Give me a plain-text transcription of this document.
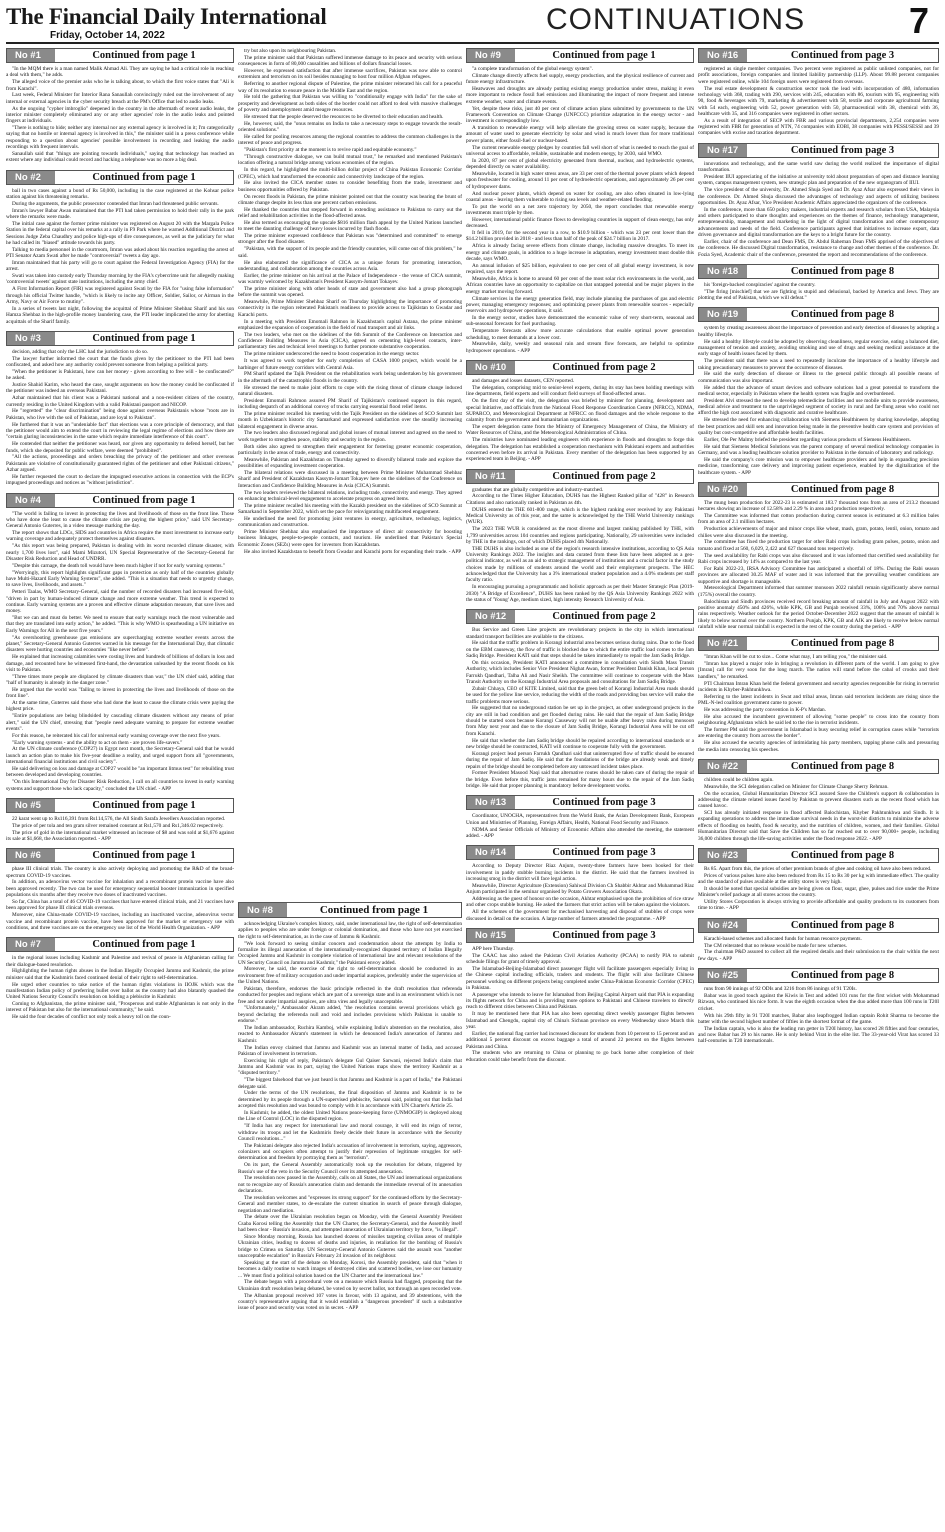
The Financial Daily International
Friday, October 14, 2022	CONTINUATIONS	7
No #1	Continued from page 1

"In the MQM there is a man named Malik Ahmad Ali. They are saying he had a critical role in reaching a deal with them," he adds.

The alleged voice of the premier asks who he is talking about, to which the first voice states that "Ali is from Karachi".

Last week, Federal Minister for Interior Rana Sanaullah convincingly ruled out the involvement of any internal or external agencies in the cyber security breach at the PM's Office that led to audio leaks.

As the ongoing "cypher imbroglio" deepened in the country in the aftermath of recent audio leaks, the interior minister completely eliminated any or any other agencies' role in the audio leaks and pointed fingers at individuals.

"There is nothing to hide; neither any internal nor any external agency is involved in it; I'm categorically saying that no hostile or internal agency is involved in this," the minister said in a press conference while responding to a question about agencies' possible involvement in recording and leaking the audio recordings with frequent intervals.

Sanaullah said that "things are pointing towards individuals," saying that technology has reached an extent where any individual could record and hacking a telephone was no more a big deal.

No #2	Continued from page 1

bail in two cases against a bond of Rs 50,000, including in the case registered at the Kohsar police station against his threatening remarks.

During the arguments, the public prosecutor contended that Imran had threatened public servants.

Imran's lawyer Babar Awan maintained that the PTI had taken permission to hold their rally in the park where the remarks were made.

The initial case against the former prime minister was registered on August 20 with the Margala Police Station in the federal capital over his remarks at a rally in F9 Park where he warned Additional District and Sessions Judge Zeba Chaudhry and police high-ups of dire consequences, as well as the judiciary for what he had called its "biased" attitude towards his party.

Talking to media personnel in the courtroom, Imran was asked about his reaction regarding the arrest of PTI Senator Azam Swati after he made "controversial" tweets a day ago.

Imran maintained that his party will go to court against the Federal Investigation Agency (FIA) for the arrest.

Swati was taken into custody early Thursday morning by the FIA's cybercrime unit for allegedly making 'controversial tweets' against state institutions, including the army chief.

A First Information Report (FIR) was registered against Swati by the FIA for "using false information" through his official Twitter handle, "which is likely to incite any Officer, Soldier, Sailor, or Airman in the Army, Navy or Air Force to mutiny".

In a series of tweets last night, following the acquittal of Prime Minister Shehbaz Sharif and his son Hamza Shehbaz in the high-profile money laundering case, the PTI leader implicated the army for abetting acquittals of the Sharif family.

No #3	Continued from page 1

decision, adding that only the LHC had the jurisdiction to do so.

The lawyer further informed the court that the funds given by the petitioner to the PTI had been confiscated, and asked how any authority could prevent someone from helping a political party.

"When the petitioner is Pakistani, how can her money - given according to free will - be confiscated?" he asked.

Justice Shahid Karim, who heard the case, sought arguments on how the money could be confiscated if the petitioner was indeed an overseas Pakistani.

Azhar maintained that his client was a Pakistani national and a non-resident citizen of the country, currently residing in the United Kingdom with a valid Pakistani passport and NICOP.

He "regretted" the "clear discrimination" being done against overseas Pakistanis whose "roots are in Pakistan, who live with the soil of Pakistan, and are loyal to Pakistan".

He furthered that it was an "undeniable fact" that elections was a core principle of democracy, and that the petitioner would aim to extend the court in reviewing the legal regime of elections and how there are "certain glaring inconsistencies in the same which require immediate interference of this court".

He contended that neither the petitioner was heard, nor given any opportunity to defend herself, but her funds, which she deposited for public welfare, were deemed "prohibited".

"All the actions, proceedings and orders breaching the privacy of the petitioner and other overseas Pakistanis are violative of constitutionally guaranteed rights of the petitioner and other Pakistani citizens," Azhar argued.

He further requested the court to declare the impugned executive actions in connection with the ECP's impugned proceedings and notices as "without jurisdiction".

No #4	Continued from page 1

"The world is failing to invest in protecting the lives and livelihoods of those on the front line. Those who have done the least to cause the climate crisis are paying the highest price," said UN Secretary-General Antonio Guterres, in a video message marking the day.

The report shows that LDCs, SIDS and countries in Africa require the most investment to increase early warning coverage and adequately protect themselves against disasters.

"As this report was being prepared, Pakistan is dealing with its worst recorded climate disaster, with nearly 1,700 lives lost", said Mami Mizutori, UN Special Representative of the Secretary-General for Disaster Risk Reduction and Head of UNDRR.

"Despite this carnage, the death toll would have been much higher if not for early warning systems."

"Worryingly, this report highlights significant gaps in protection as only half of the countries globally have Multi-Hazard Early Warning Systems", she added. "This is a situation that needs to urgently change, to save lives, livelihoods, and assets."

Petteri Taalas, WMO Secretary-General, said the number of recorded disasters had increased five-fold, "driven in part by human-induced climate change and more extreme weather. This trend is expected to continue. Early warning systems are a proven and effective climate adaptation measure, that save lives and money.

"But we can and must do better. We need to ensure that early warnings reach the most vulnerable and that they are translated into early action," he added. "This is why WMO is spearheading a UN initiative on Early Warnings for All in the next five years."

"As overshooting greenhouse gas emissions are supercharging extreme weather events across the planet," Secretary-General Antonio Guterres warned in his message for the International Day, that climatic disasters were hurting countries and economies "like never before".

He explained that increasing calamities were costing lives and hundreds of billions of dollars in loss and damage, and recounted how he witnessed first-hand, the devastation unleashed by the recent floods on his visit to Pakistan.

"Three times more people are displaced by climate disasters than war," the UN chief said, adding that "half of humanity is already in the danger zone."

He argued that the world was "failing to invest in protecting the lives and livelihoods of those on the front line".

At the same time, Guterres said those who had done the least to cause the climate crisis were paying the highest price.

"Entire populations are being blindsided by cascading climate disasters without any means of prior alert," said the UN chief, stressing that "people need adequate warning to prepare for extreme weather events".

For this reason, he reiterated his call for universal early warning coverage over the next five years.

"Early warning systems - and the ability to act on them - are proven life-savers."

At the UN climate conference (COP27) in Egypt next month, the Secretary-General said that he would launch an action plan to make his five-year deadline a reality, and urged support from all "governments, international financial institutions and civil society".

He said delivering on loss and damage at COP27 would be "an important litmus test" for rebuilding trust between developed and developing countries.

"On this International Day for Disaster Risk Reduction, I call on all countries to invest in early warning systems and support those who lack capacity," concluded the UN chief. - APP

No #5	Continued from page 1

22 karat went up to Rs116,391 from Rs114,576, the All Sindh Sarafa Jewellers Association reported.

The price of per tola and ten gram silver remained constant at Rs1,570 and Rs1,346.02 respectively.

The price of gold in the international market witnessed an increase of $8 and was sold at $1,676 against its sale at $1,668, the Association reported. - APP

No #6	Continued from page 1

phase III clinical trials. The country is also actively deploying and promoting the R&D of the broad-spectrum COVID-19 vaccines.

In addition, an adenovirus vector vaccine for inhalation and a recombinant protein vaccine have also been approved recently. The two can be used for emergency sequential booster immunization in specified populations six months after they receive two doses of inactivated vaccines.

So far, China has a total of 46 COVID-19 vaccines that have entered clinical trials, and 21 vaccines have been approved for phase III clinical trials overseas.

Moreover, nine China-made COVID-19 vaccines, including an inactivated vaccine, adenovirus vector vaccine and recombinant protein vaccine, have been approved for the market or emergency use with conditions, and three vaccines are on the emergency use list of the World Health Organization. - APP

No #7	Continued from page 1

in the regional issues including Kashmir and Palestine and revival of peace in Afghanistan calling for their dialogue-based resolution.

Highlighting the human rights abuses in the Indian Illegally Occupied Jammu and Kashmir, the prime minister said that the Kashmiris faced continued denial of their right to self-determination.

He urged other countries to take notice of the human rights violations in IIOJK which was the manifestation Indian policy of preferring bullet over ballot as the country had also blatantly quashed the United Nations Security Council's resolution on holding a plebiscite in Kashmir.

Coming to Afghanistan, the prime minister said, "Prosperous and stable Afghanistan is not only in the interest of Pakistan but also for the international community," he said.

He said the four decades of conflict not only took a heavy toll on the coun-

try but also upon its neighbouring Pakistan.

The prime minister said that Pakistan suffered immense damage to its peace and security with serious consequences in form of 80,000 causalities and billions of dollars financial losses.

However, he expressed satisfaction that after immense sacrifices, Pakistan was now able to control extremism and terrorism on its soil besides managing to host four million Afghan refugees.

Referring to another regional dispute of Palestine, the prime minister reiterated his call for a peaceful way of its resolution to ensure peace in the Middle East and the region.

He told the gathering that Pakistan was willing to "conditionally engage with India" for the sake of prosperity and development as both sides of the border could not afford to deal with massive challenges of poverty and unemployment amid meagre resources.

He stressed that the people deserved the resources to be diverted to their education and health.

He, however, said, the "onus remains on India to take a necessary steps to engage towards the result-oriented solutions."

He called for pooling resources among the regional countries to address the common challenges in the interest of peace and progress.

"Pakistan's first priority at the moment is to revive rapid and equitable economy."

"Through constructive dialogue, we can build mutual trust," he remarked and mentioned Pakistan's location offering a natural bridge among various economies of the region.

In this regard, he highlighted the multi-billion dollar project of China Pakistan Economic Corridor (CPEC), which had transformed the economic and connectivity landscape of the region.

He also invited the CICA member states to consider benefiting from the trade, investment and business opportunities offered by Pakistan.

On recent floods in Pakistan, the prime minister pointed out that the country was bearing the brunt of climate change despite its less than one percent carbon emissions.

He thanked the countries that stepped forward in extending assistance to Pakistan to carry out the relief and rehabilitation activities in the flood-affected areas.

He also termed as encouraging the upscale $816 million flash appeal by the United Nations launched to meet the daunting challenge of heavy losses incurred by flash floods.

The prime minister expressed confidence that Pakistan was "determined and committed" to emerge stronger after the flood disaster.

"Pakistan, with the support of its people and the friendly countries, will come out of this problem," he said.

He also elaborated the significance of CICA as a unique forum for promoting interaction, understanding, and collaboration among the countries across Asia.

Earlier, the prime minister on his arrival at the Palace of Independence - the venue of CICA summit, was warmly welcomed by Kazakhstan's President Kassym-Jomart Tokayev.

The prime minister along with other heads of state and government also had a group photograph before the summit was opened.

Meanwhile, Prime Minister Shehbaz Sharif on Thursday highlighting the importance of promoting connectivity in the region reiterated Pakistan's readiness to provide access to Tajikistan to Gwadar and Karachi ports.

In a meeting with President Emomali Rahmon in Kazakhstan's capital Astana, the prime minister emphasized the expansion of cooperation in the field of road transport and air links.

The two leaders, who met on the sidelines of the 6th Summit of the Conference on Interaction and Confidence Building Measures in Asia (CICA), agreed on cementing high-level contacts, inter-parliamentary ties and technical level meetings to further promote substantive cooperation.

The prime minister underscored the need to boost cooperation in the energy sector.

It was agreed to work together for early completion of CASA 1000 project, which would be a harbinger of future energy corridors with Central Asia.

PM Sharif updated the Tajik President on the rehabilitation work being undertaken by his government in the aftermath of the catastrophic floods in the country.

He stressed the need to make joint efforts to cope with the rising threat of climate change induced natural disasters.

President Emomali Rahmon assured PM Sharif of Tajikistan's continued support in this regard, including despatch of an additional convoy of trucks carrying essential flood relief items.

The prime minister recalled his meeting with the Tajik President on the sidelines of SCO Summit last month in Uzbekistan's historic city Samarkand and expressed satisfaction over the steadily increasing bilateral engagement in diverse areas.

The two leaders also discussed regional and global issues of mutual interest and agreed on the need to work together to strengthen peace, stability and security in the region.

Both sides also agreed to strengthen their engagement for fostering greater economic cooperation, particularly in the areas of trade, energy and connectivity.

Meanwhile, Pakistan and Kazakhstan on Thursday agreed to diversify bilateral trade and explore the possibilities of expanding investment cooperation.

The bilateral relations were discussed in a meeting between Prime Minister Muhammad Shehbaz Sharif and President of Kazakhstan Kassym-Jomart Tokayev here on the sidelines of the Conference on Interaction and Confidence Building Measures in Asia (CICA) Summit.

The two leaders reviewed the bilateral relations, including trade, connectivity and energy. They agreed on enhancing technical-level engagement to accelerate progress on agreed items.

The prime minister recalled his meeting with the Kazakh president on the sidelines of SCO Summit at Samarkand in September 2022, which set the pace for reinvigorating multifaceted engagement.

He underlined the need for promoting joint ventures in energy, agriculture, technology, logistics, communication and construction.

Prime Minister Shehbaz also emphasized the importance of direct air connectivity for boosting business linkages, people-to-people contacts, and tourism. He underlined that Pakistan's Special Economic Zones (SEZs) were open for investors from Kazakhstan.

He also invited Kazakhstan to benefit from Gwadar and Karachi ports for expanding their trade. - APP

No #8	Continued from page 1

acknowledging Ukraine's complex history, said, under international law, the right of self-determination applies to peoples who are under foreign or colonial domination, and those who have not yet exercised the right to self-determination, as in the case of Jammu & Kashmir.

"We look forward to seeing similar concern and condemnation about the attempts by India to formalize its illegal annexation of the internationally-recognized disputed territory of Indian Illegally Occupied Jammu and Kashmir in complete violation of international law and relevant resolutions of the UN Security Council on Jammu and Kashmir," the Pakistani envoy added.

Moreover, he said, the exercise of the right to self-determination should be conducted in an environment free of military occupation and under impartial auspices, preferably under the supervision of the United Nations.

Pakistan, therefore, endorses the basic principle reflected in the draft resolution that referenda conducted for peoples and regions which are part of a sovereign state and in an environment which is not free and not under impartial auspices, are ultra vires and legally unacceptable.

"Unfortunately," Ambassador Akram added, "the resolution contains several provisions which go beyond declaring the referenda null and void and includes provisions which Pakistan is unable to endorse."

The Indian ambassador, Ruchira Kamboj, while explaining India's abstention on the resolution, also reacted to Ambassador Akram's statement in which he denounced India's annexation of Jammu and Kashmir.

The Indian envoy claimed that Jammu and Kashmir was an internal matter of India, and accused Pakistan of involvement in terrorism.

Exercising his right of reply, Pakistan's delegate Gul Qaiser Sarwani, rejected India's claim that Jammu and Kashmir was its part, saying the United Nations maps show the territory Kashmir as a "disputed territory."

"The biggest falsehood that we just heard is that Jammu and Kashmir is a part of India," the Pakistani delegate said.

Under the terms of the UN resolutions, the final disposition of Jammu and Kashmir is to be determined by its people through a UN-supervised plebiscite, Sarwani said, pointing out that India had accepted this resolution and was bound to comply with it in accordance with UN Charter's Article 25.

In Kashmir, he added, the oldest United Nations peace-keeping force (UNMOGIP) is deployed along the Line of Control (LOC) in the disputed region.

"If India has any respect for international law and moral courage, it will end its reign of terror, withdraw its troops and let the Kashmiris freely decide their future in accordance with the Security Council resolutions..."

The Pakistani delegate also rejected India's accusation of involvement in terrorism, saying, aggressors, colonizers and occupiers often attempt to justify their repression of legitimate struggles for self-determination and freedom by portraying them as "terrorism".

On its part, the General Assembly automatically took up the resolution for debate, triggered by Russia's use of the veto in the Security Council over its attempted annexation.

The resolution now passed in the Assembly, calls on all States, the UN and international organizations not to recognize any of Russia's annexation claim and demands the immediate reversal of its annexation declaration.

The resolution welcomes and "expresses its strong support" for the continued efforts by the Secretary-General and member states, to de-escalate the current situation in search of peace through dialogue, negotiation and mediation.

The debate over the Ukrainian resolution began on Monday, with the General Assembly President Csaba Korosi telling the Assembly that the UN Charter, the Secretary-General, and the Assembly itself had been clear - Russia's invasion, and attempted annexation of Ukrainian territory by force, "is illegal".

Since Monday morning, Russia has launched dozens of missiles targeting civilian areas of multiple Ukrainian cities, leading to dozens of deaths and injuries, in retaliation for the bombing of Russia's bridge to Crimea on Saturday. UN Secretary-General Antonio Guterres said the assault was "another unacceptable escalation" in Russia's February 24 invasion of its neighbour.

Speaking at the start of the debate on Monday, Korosi, the Assembly president, said that "when it becomes a daily routine to watch images of destroyed cities and scattered bodies, we lose our humanity ... We must find a political solution based on the UN Charter and the international law."

The debate began with a procedural vote on a measure which Russia had flagged, proposing that the Ukrainian draft resolution being debated, be voted on by secret ballot, not through an open recorded vote.

The Albanian proposal received 107 votes in favour, with 13 against, and 39 abstentions, with the country's representative arguing that it would establish a "dangerous precedent" if such a substantive issue of peace and security was voted on in secret. - APP

No #9	Continued from page 1

"a complete transformation of the global energy system".

Climate change directly affects fuel supply, energy production, and the physical resilience of current and future energy infrastructure.

Heatwaves and droughts are already putting existing energy production under stress, making it even more important to reduce fossil fuel emissions and illuminating the impact of more frequent and intense extreme weather, water and climate events.

Yet, despite these risks, just 40 per cent of climate action plans submitted by governments to the UN Framework Convention on Climate Change (UNFCCC) prioritize adaptation in the energy sector - and investment is correspondingly low.

A transition to renewable energy will help alleviate the growing stress on water supply, because the amount of water used to generate electricity by solar and wind is much lower than for more traditional power plants, either fossil-fuel or nuclear-based.

The current renewable energy pledges by countries fall well short of what is needed to reach the goal of universal access to affordable, reliable, sustainable and modern energy, by 2030, said WMO.

In 2020, 87 per cent of global electricity generated from thermal, nuclear, and hydroelectric systems, depended directly on water availability.

Meanwhile, located in high water stress areas, are 33 per cent of the thermal power plants which depend upon freshwater for cooling, around 11 per cent of hydroelectric operations, and approximately 26 per cent of hydropower dams.

And nuclear power plants, which depend on water for cooling, are also often situated in low-lying coastal areas - leaving them vulnerable to rising sea levels and weather-related flooding.

To put the world on a net zero trajectory by 2050, the report concludes that renewable energy investments must triple by then.

However, international public finance flows to developing countries in support of clean energy, has only decreased.

It fell in 2019, for the second year in a row, to $10.9 billion - which was 23 per cent lower than the $14.2 billion provided in 2018 - and less than half of the peak of $24.7 billion in 2017.

Africa is already facing severe effects from climate change, including massive droughts. To meet its energy and climate goals, in addition to a huge increase in adaptation, energy investment must double this decade, says WMO.

An annual infusion of $25 billion, equivalent to one per cent of all global energy investment, is now required, says the report.

Meanwhile, Africa is home to around 60 per cent of the most solar rich environments in the world, and African countries have an opportunity to capitalize on that untapped potential and be major players in the energy market moving forward.

Climate services in the energy generation field, may include planning the purchases of gas and electric power, managing emergency responses; and optimizing power plants from renewable sources - especially reservoirs and hydropower operations, it said.

In the energy sector, studies have demonstrated the economic value of very short-term, seasonal and sub-seasonal forecasts for fuel purchasing.

Temperature forecasts allow more accurate calculations that enable optimal power generation scheduling, to meet demands at a lower cost.

Meanwhile, daily, weekly and seasonal rain and stream flow forecasts, are helpful to optimize hydropower operations. - APP

No #10	Continued from page 2

and damages and losses datasets, CEN reported.

The delegation, comprising mid to senior-level experts, during its stay has been holding meetings with line departments, field experts and will conduct field surveys of flood-affected areas.

On the first day of the visit, the delegation was briefed by minister for planning, development and special Initiative, and officials from the National Flood Response Coordination Centre (NFRCC), NDMA, SUPARCO, and Meteorological Department at NFRCC on flood damages and the whole response to the calamity from the government and humanitarian organizations.

The expert delegation came from the Ministry of Emergency Management of China, the Ministry of Water Resources of China, and the Meteorological Administration of China.

The ministries have nominated leading engineers with experience in floods and droughts to forge this delegation. The delegation has established a cooperation mechanism with Pakistani experts and authorities concerned even before its arrival in Pakistan. Every member of the delegation has been supported by an experienced team in Beijing. - APP

No #11	Continued from page 2

graduates that are globally competitive and industry-matched.

According to the Times Higher Education, DUHS has the Highest Ranked pillar of "428" in Research Citations and also nationally ranked in Pakistan as 4th.

DUHS entered the THE 601-800 range, which is the highest ranking ever received by any Pakistani Medical University as of this year, and the same is acknowledged by the THE World University rankings (WUR).

The 2023 THE WUR is considered as the most diverse and largest ranking published by THE, with 1,799 universities across 104 countries and regions participating. Nationally, 29 universities were included by THE in the rankings, out of which DUHS placed 4th Nationally.

THE DUHS is also included as one of the region's research intensive institutions, according to QS Asia University Rankings 2022. The insights and data curated from these lists have been adopted as a geo-political indicator, as well as an aid to strategic management of institutions and a crucial factor in the study choices made by millions of students around the world and their employment prospects. The HEC acknowledged that the University has a 3% international student population and a 4.0% students per staff faculty ratio.

In encouraging pursuing a programmatic and holistic approach as per their Master Strategic Plan (2019-2030) "A Bridge of Excellence", DUHS has been ranked by the QS Asia University Rankings 2022 with the status of 'Young' Age, medium sized, high intensity Research University of Asia.

No #12	Continued from page 2

Bus Service and Green Line projects are revolutionary projects in the city in which international standard transport facilities are available to the citizens.

He said that the traffic problem in Korangi industrial area becomes serious during rains. Due to the flood on the EBM causeway, the flow of traffic is blocked due to which the entire traffic load comes to the Jam Sadiq Bridge. President KATI said that steps should be taken immediately to repair the Jam Sadiq Bridge.

On this occasion, President KATI announced a committee in consultation with Sindh Mass Transit Authority, which includes Senior Vice President Nighat Awan, former President Danish Khan, local person Farrukh Qandhari, Talha Ali and Nasir Sheikh. The committee will continue to cooperate with the Mass Transit Authority on the Korangi Industrial Area proposals and consultations for Jam Sadiq Bridge.

Zubair Chhaya, CEO of KITE Limited, said that the green belt of Korangi Industrial Area roads should be used for the yellow line service, reducing the width of the roads and providing bus service will make the traffic problems more serious.

He suggested that no underground station be set up in the project, as other underground projects in the city are still in bad condition and get flooded during rains. He said that the repair of Jam Sadiq Bridge should be started soon because Korangi Causeway will not be usable after heavy rains during monsoon from May next year and due to the closure of Jam Sadiq Bridge, Korangi Industrial Area will be cut off from Karachi.

He said that whether the Jam Sadiq bridge should be repaired according to international standards or a new bridge should be constructed, KATI will continue to cooperate fully with the government.

Korangi project lead person Farrukh Qandhari said that uninterrupted flow of traffic should be ensured during the repair of Jam Sadiq. He said that the foundations of the bridge are already weak and timely repairs of the bridge should be completed before any untoward incident takes place.

Former President Masood Naqi said that alternative routes should be taken care of during the repair of the bridge. Even before this, traffic jams remained for many hours due to the repair of the Jam Sadiq bridge. He said that proper planning is mandatory before development works.

No #13	Continued from page 3

Coordinator, UNOCHA, representatives from the World Bank, the Asian Development Bank, European Union and Ministries of Planning, Foreign Affairs, Health, National Food Security and Finance.

NDMA and Senior Officials of Ministry of Economic Affairs also attended the meeting, the statement added. - APP

No #14	Continued from page 3

According to Deputy Director Riaz Anjum, twenty-three farmers have been booked for their involvement in paddy stubble burning incidents in the district. He said that the farmers involved in increasing smog in the district will face legal action.

Meanwhile, Director Agriculture (Extension) Sahiwal Division Ch Shabbir Akhtar and Muhammad Riaz Anjum participated in the seminar organised by Potato Growers Association Okara.

Addressing as the guest of honour on the occasion, Akhtar emphasised upon the prohibition of rice straw and other crops stubble burning. He asked the farmers that strict action will be taken against the violators.

All the schemes of the government for mechanised harvesting and disposal of stubbles of crops were discussed in detail on the occasion. A large number of farmers attended the programme. - APP

No #15	Continued from page 3

APP here Thursday.

The CAAC has also asked the Pakistan Civil Aviation Authority (PCAA) to notify PIA to submit schedule filings for grant of timely approval.

The Islamabad-Beijing-Islamabad direct passenger flight will facilitate passengers especially living in the Chinese capital including officials, traders and students. The flight will also facilitate Chinese personnel working on different projects being completed under China-Pakistan Economic Corridor (CPEC) in Pakistan.

A passenger who intends to leave for Islamabad from Beijing Capital Airport said that PIA is expanding its flights network for China and is providing more options to Pakistani and Chinese travelers to directly reach to different cities between China and Pakistan.

It may be mentioned here that PIA has also been operating direct weekly passenger flights between Islamabad and Chengdu, capital city of China's Sichuan province on every Wednesday since March this year.

Earlier, the national flag carrier had increased discount for students from 10 percent to 15 percent and an additional 5 percent discount on excess baggage a total of around 22 percent on the flights between Pakistan and China.

The students who are returning to China or planning to go back home after completion of their education could take benefit from the discount.

No #16	Continued from page 3

registered as single member companies. Two percent were registered as public unlisted companies, not for profit associations, foreign companies and limited liability partnership (LLP). About 99.88 percent companies were registered online, while 104 foreign users were registered from overseas.

The real estate development & construction sector took the lead with incorporation of 480, information technology with 368, trading with 290, services with 245, education with 86, tourism with 95, engineering with 90, food & beverages with 79, marketing & advertisement with 58, textile and corporate agricultural farming with 54 each, engineering with 52, power generation with 50, pharmaceutical with 38, chemical with 36, healthcare with 35, and 316 companies were registered in other sectors.

As a result of integration of SECP with FBR and various provincial departments, 2,254 companies were registered with FBR for generation of NTN, 74 companies with EOBI, 38 companies with PESSI/SESSI and 39 companies with excise and taxation department.

No #17	Continued from page 3

innovations and technology, and the same world saw during the world realized the importance of digital transformation.

President IIUI appreciating of the initiative at university told about preparation of open and distance learning system, campus management system, new strategic plan and preparation of the new organogram of IIUI.

The vice president of the university, Dr. Ahmed Shuja Syed and Dr. Ayaz Afsar also expressed their views in the conference. Dr. Ahmed Shuja discussed the advantages of technology and aspects of utilizing business opportunities. Dr. Ayaz Afsar, Vice President Academic Affairs appreciated the organizers of the conference.

In the conference, more than 650 policy makers, industrial experts and research scholars from USA, Malaysia and others participated to share thoughts and experiences on the themes of finance, technology management, entrepreneurship, management and marketing in the light of digital transformation and other contemporary advancements and needs of the field. Conference participants agreed that initiatives to increase export, data driven governance and digital transformation are the keys to a bright future for the country.

Earlier, chair of the conference and Dean FMS, Dr. Abdul Raheman Dean FMS apprised of the objectives of the conference. He discussed Digital transformation, resistance to change and other themes of the conference. Dr. Fozia Syed, Academic chair of the conference, presented the report and recommendations of the conference.

No #18	Continued from page 8

his 'foreign-backed conspiracies' against the country.

"The firing [mischief] that we are fighting is stupid and delusional, backed by America and Jews. They are plotting the end of Pakistan, which we will defeat."

No #19	Continued from page 8

system by creating awareness about the importance of prevention and early detection of diseases by adopting a healthy lifestyle.

He said a healthy lifestyle could be adopted by observing cleanliness, regular exercise, eating a balanced diet, management of tension and anxiety, avoiding smoking and use of drugs and seeking medical assistance at the early stage of health issues faced by them.

The president said that there was a need to repeatedly inculcate the importance of a healthy lifestyle and taking precautionary measures to prevent the occurrence of diseases.

He said the early detection of disease or illness to the general public through all possible means of communication was also important.

He added that the advance of smart devices and software solutions had a great potential to transform the medical sector, especially in Pakistan where the health system was fragile and overburdened.

President Alvi stressed the need to develop telemedicine facilities and use mobile units to provide awareness, medical advice and treatment to the unprivileged segment of society in rural and far-flung areas who could not afford the high cost associated with diagnostic and curative healthcare.

He stressed the need for enhancing collaboration with Siemens Healthineers by sharing knowledge, adopting the best practices and skill sets and innovation being made in the preventive health care system and provision of quality but cost-competitive and affordable health facilities.

Earlier, Ole Per Malmy briefed the president regarding various products of Siemens Healthineers.

He said that Siemens Medical Solutions was the parent company of several medical technology companies in Germany, and was a leading healthcare solution provider to Pakistan in the domain of laboratory and radiology.

He said the company's core mission was to empower healthcare providers and help in expanding precision medicine, transforming care delivery and improving patient experience, enabled by the digitalization of the healthcare system. - APP

No #20	Continued from page 8

The mung bean production for 2022-23 is estimated at 183.7 thousand tons from an area of 213.2 thousand hectares showing an increase of 12.58% and 2.29 % in area and production respectively.

The Committee was informed that cotton production during current season is estimated at 6.3 million bales from an area of 2.1 million hectares.

Production achievements of major and minor crops like wheat, mash, gram, potato, lentil, onion, tomato and chilies were also discussed in the meeting.

The committee has fixed the production target for other Rabi crops including gram pulses, potato, onion and tomato and fixed at 560, 6,029, 2,422 and 627 thousand tons respectively.

The seed availability for Rabi crops was also discussed and it was informed that certified seed availability for Rabi crops increased by 14% as compared to the last year.

For Rabi 2022-23, IRSA Advisory Committee has anticipated a shortfall of 18%. During the Rabi season provinces are allocated 30.25 MAF of water and it was informed that the prevailing weather conditions are supportive and shortage is manageable.

Meteorological Department informed that summer monsoon 2022 rainfall remain significantly above normal (175%) overall the country.

Balochistan and Sindh provinces received record breaking amount of rainfall in July and August 2022 with positive anomaly 450% and 426%, while KPK, GB and Punjab received 33%, 106% and 70% above normal rains respectively. Weather outlook for the period October-December 2022 suggest that the amount of rainfall is likely to below normal over the country. Northern Punjab, KPK, GB and AJK are likely to receive below normal rainfall while near normal rainfall is expected in the rest of the country during the period. - APP

No #21	Continued from page 8

"Imran Khan will be cut to size... Come what may, I am telling you," the minister said.

"Imran has played a major role in bringing a revolution in different parts of the world. I am going to give [Imran] call for very soon for the long march. The nation will stand before the cabal of crooks and their handlers," he remarked.

PTI Chairman Imran Khan held the federal government and security agencies responsible for rising in terrorist incidents in Khyber-Pakhtunkhwa.

Referring to the latest incidents in Swat and tribal areas, Imran said terrorism incidents are rising since the PML-N-led coalition government came to power.

He was addressing the party convention in K-P's Mardan.

He also accused the incumbent government of allowing "some people" to cross into the country from neighbouring Afghanistan which he said led to the rise in terrorist incidents.

The former PM said the government in Islamabad is busy securing relief in corruption cases while "terrorists are entering the country from across the border".

He also accused the security agencies of intimidating his party members, tapping phone calls and pressuring the media into censoring his speeches.

No #22	Continued from page 8

children could be children again.

Meanwhile, the SCI delegation called on Minister for Climate Change Sherry Rehman.

On the occasion, Global Humanitarian Director SCI assured Save the Children's support & collaboration in addressing the climate related issues faced by Pakistan to prevent disasters such as the recent flood which has caused havoc.

SCI has already initiated response in flood affected Balochistan, Khyber Pakhtunkhwa and Sindh. It is expanding operations to address the immediate survival needs in the worst-hit districts to minimize the adverse effects of flooding on health, food & security, and the nutrition of children, women, and their families. Global Humanitarian Director said that Save the Children has so far reached out to over 90,000+ people, including 36,000 children through the life-saving activities under the flood response 2022. - APP

No #23	Continued from page 8

Rs 85. Apart from this, the prices of other premium brands of ghee and cooking oil have also been reduced.

Prices of various pulses have also been reduced from Rs 15 to Rs 30 per kg with immediate effect. The quality and the standard of pulses available at the utility stores is very high.

It should be noted that special subsidies are being given on flour, sugar, ghee, pulses and rice under the Prime Minister's relief package at all stores across the country.

Utility Stores Corporation is always striving to provide affordable and quality products to its customers from time to time. - APP

No #24	Continued from page 8

Karachi-based schemes and allocated funds for human resource payments.

The CM reiterated that no release would be made for new schemes.

The chairman P&D assured to collect all the required details and their submission to the chair within the next few days. - APP

No #25	Continued from page 8

runs from 90 innings of 92 ODIs and 3216 from 86 innings of 91 T20Is.

Babar was in good touch against the Kiwis in Test and added 101 runs for the first wicket with Mohammad Rizwan, who continued his nice form. It was the eighth occasion when the duo added more than 100 runs in T20I cricket.

With his 29th fifty in 91 T20I matches, Babar also leapfrogged Indian captain Rohit Sharma to become the batter with the second highest number of fifties in the shortest format of the game.

The Indian captain, who is also the leading run getter in T20I history, has scored 28 fifties and four centuries, and now Babar has 29 to his name. He is only behind Virat in the elite list. The 33-year-old Virat has scored 33 half-centuries in T20 internationals.
